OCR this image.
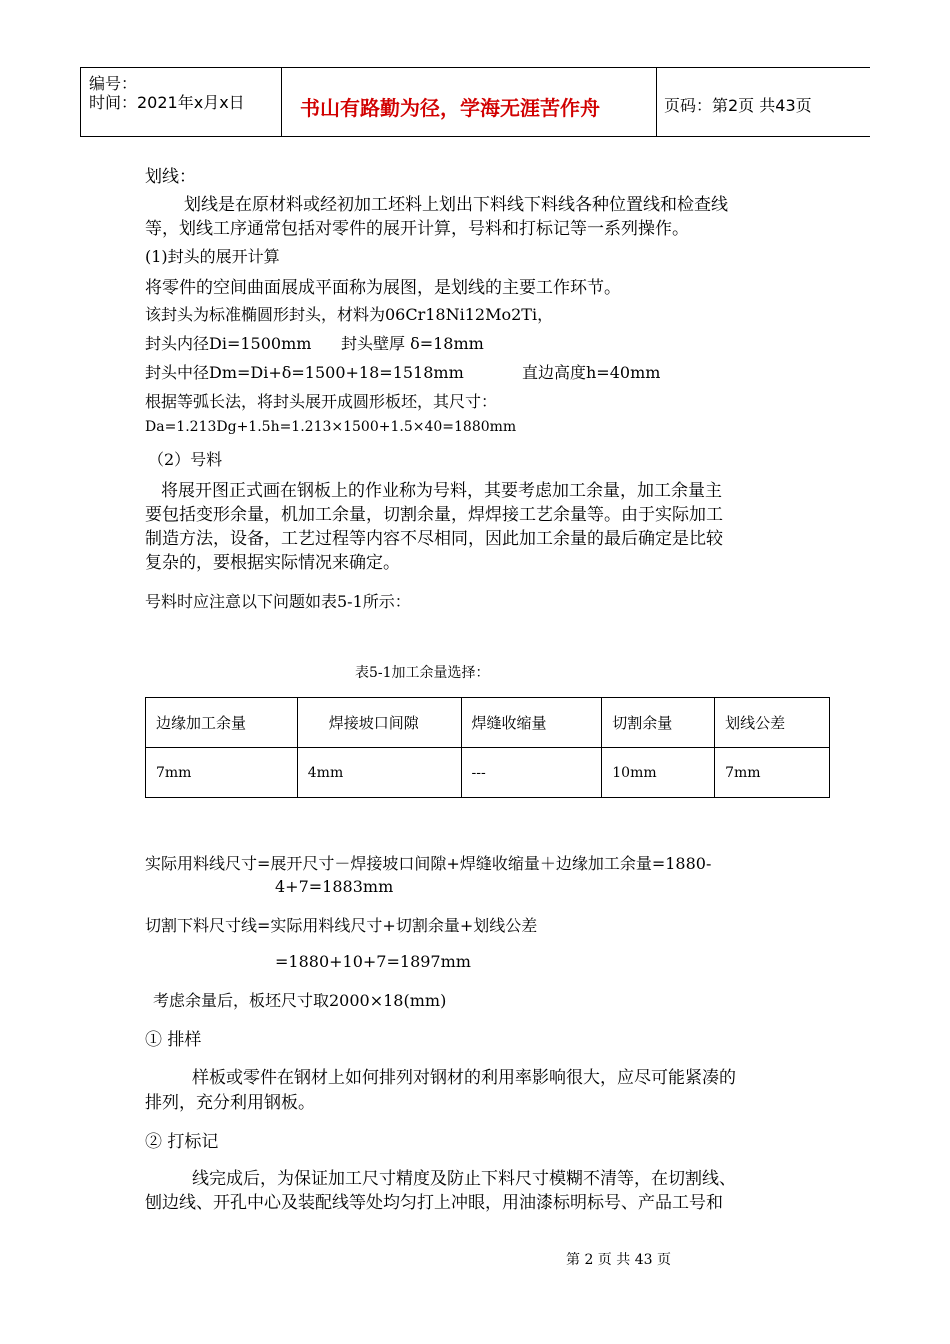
编号：
时间：2021年x月x日	书山有路勤为径，学海无涯苦作舟	页码：第2页 共43页
划线：
划线是在原材料或经初加工坯料上划出下料线下料线各种位置线和检查线
等，划线工序通常包括对零件的展开计算，号料和打标记等一系列操作。
(1)封头的展开计算
将零件的空间曲面展成平面称为展图，是划线的主要工作环节。
该封头为标准椭圆形封头，材料为06Cr18Ni12Mo2Ti，
封头内径Di=1500mm 封头壁厚 δ=18mm
封头中径Dm=Di+δ=1500+18=1518mm	直边高度h=40mm
根据等弧长法，将封头展开成圆形板坯，其尺寸：
Da=1.213Dg+1.5h=1.213×1500+1.5×40=1880mm
（2）号料
将展开图正式画在钢板上的作业称为号料，其要考虑加工余量，加工余量主
要包括变形余量，机加工余量，切割余量，焊焊接工艺余量等。由于实际加工
制造方法，设备，工艺过程等内容不尽相同，因此加工余量的最后确定是比较
复杂的，要根据实际情况来确定。
号料时应注意以下问题如表5-1所示：
表5-1加工余量选择：
边缘加工余量	焊接坡口间隙	焊缝收缩量	切割余量	划线公差
7mm	4mm	---	10mm	7mm
实际用料线尺寸=展开尺寸－焊接坡口间隙+焊缝收缩量＋边缘加工余量=1880-
4+7=1883mm
切割下料尺寸线=实际用料线尺寸+切割余量+划线公差
=1880+10+7=1897mm
考虑余量后，板坯尺寸取2000×18(mm)
① 排样
样板或零件在钢材上如何排列对钢材的利用率影响很大，应尽可能紧凑的
排列，充分利用钢板。
② 打标记
线完成后，为保证加工尺寸精度及防止下料尺寸模糊不清等，在切割线、
刨边线、开孔中心及装配线等处均匀打上冲眼，用油漆标明标号、产品工号和
第 2 页 共 43 页
